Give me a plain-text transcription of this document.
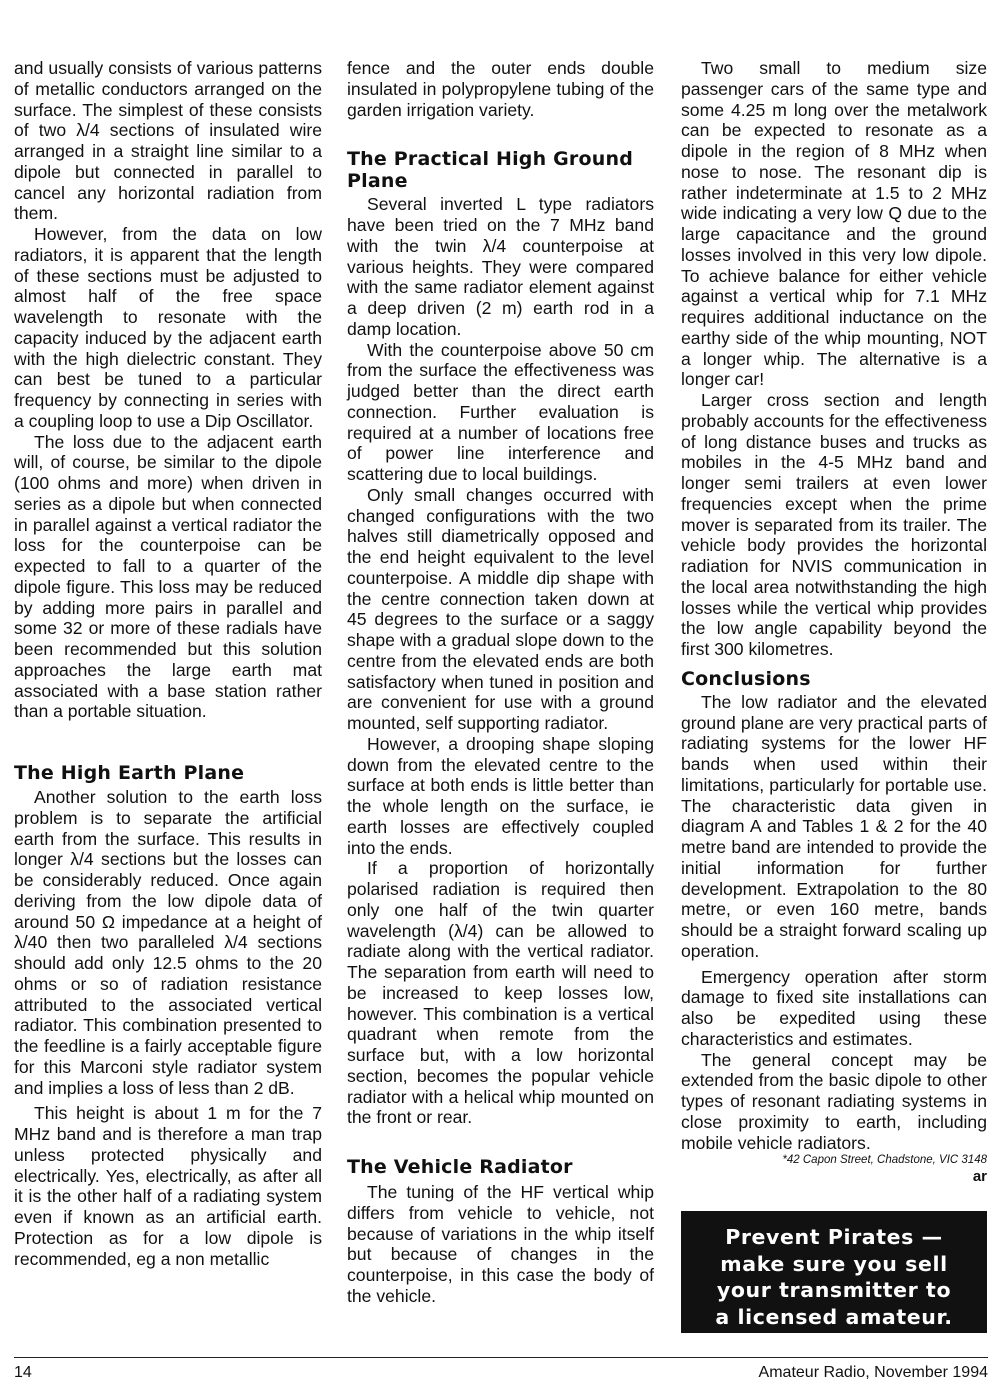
and usually consists of various patterns of metallic conductors arranged on the surface. The simplest of these consists of two λ/4 sections of insulated wire arranged in a straight line similar to a dipole but connected in parallel to cancel any horizontal radiation from them.

However, from the data on low radiators, it is apparent that the length of these sections must be adjusted to almost half of the free space wavelength to resonate with the capacity induced by the adjacent earth with the high dielectric constant. They can best be tuned to a particular frequency by connecting in series with a coupling loop to use a Dip Oscillator.

The loss due to the adjacent earth will, of course, be similar to the dipole (100 ohms and more) when driven in series as a dipole but when connected in parallel against a vertical radiator the loss for the counterpoise can be expected to fall to a quarter of the dipole figure. This loss may be reduced by adding more pairs in parallel and some 32 or more of these radials have been recommended but this solution approaches the large earth mat associated with a base station rather than a portable situation.

The High Earth Plane

Another solution to the earth loss problem is to separate the artificial earth from the surface. This results in longer λ/4 sections but the losses can be considerably reduced. Once again deriving from the low dipole data of around 50 Ω impedance at a height of λ/40 then two paralleled λ/4 sections should add only 12.5 ohms to the 20 ohms or so of radiation resistance attributed to the associated vertical radiator. This combination presented to the feedline is a fairly acceptable figure for this Marconi style radiator system and implies a loss of less than 2 dB.

This height is about 1 m for the 7 MHz band and is therefore a man trap unless protected physically and electrically. Yes, electrically, as after all it is the other half of a radiating system even if known as an artificial earth. Protection as for a low dipole is recommended, eg a non metallic

fence and the outer ends double insulated in polypropylene tubing of the garden irrigation variety.

The Practical High Ground Plane

Several inverted L type radiators have been tried on the 7 MHz band with the twin λ/4 counterpoise at various heights. They were compared with the same radiator element against a deep driven (2 m) earth rod in a damp location.

With the counterpoise above 50 cm from the surface the effectiveness was judged better than the direct earth connection. Further evaluation is required at a number of locations free of power line interference and scattering due to local buildings.

Only small changes occurred with changed configurations with the two halves still diametrically opposed and the end height equivalent to the level counterpoise. A middle dip shape with the centre connection taken down at 45 degrees to the surface or a saggy shape with a gradual slope down to the centre from the elevated ends are both satisfactory when tuned in position and are convenient for use with a ground mounted, self supporting radiator.

However, a drooping shape sloping down from the elevated centre to the surface at both ends is little better than the whole length on the surface, ie earth losses are effectively coupled into the ends.

If a proportion of horizontally polarised radiation is required then only one half of the twin quarter wavelength (λ/4) can be allowed to radiate along with the vertical radiator. The separation from earth will need to be increased to keep losses low, however. This combination is a vertical quadrant when remote from the surface but, with a low horizontal section, becomes the popular vehicle radiator with a helical whip mounted on the front or rear.

The Vehicle Radiator

The tuning of the HF vertical whip differs from vehicle to vehicle, not because of variations in the whip itself but because of changes in the counterpoise, in this case the body of the vehicle.

Two small to medium size passenger cars of the same type and some 4.25 m long over the metalwork can be expected to resonate as a dipole in the region of 8 MHz when nose to nose. The resonant dip is rather indeterminate at 1.5 to 2 MHz wide indicating a very low Q due to the large capacitance and the ground losses involved in this very low dipole. To achieve balance for either vehicle against a vertical whip for 7.1 MHz requires additional inductance on the earthy side of the whip mounting, NOT a longer whip. The alternative is a longer car!

Larger cross section and length probably accounts for the effectiveness of long distance buses and trucks as mobiles in the 4-5 MHz band and longer semi trailers at even lower frequencies except when the prime mover is separated from its trailer. The vehicle body provides the horizontal radiation for NVIS communication in the local area notwithstanding the high losses while the vertical whip provides the low angle capability beyond the first 300 kilometres.

Conclusions

The low radiator and the elevated ground plane are very practical parts of radiating systems for the lower HF bands when used within their limitations, particularly for portable use. The characteristic data given in diagram A and Tables 1 & 2 for the 40 metre band are intended to provide the initial information for further development. Extrapolation to the 80 metre, or even 160 metre, bands should be a straight forward scaling up operation.

Emergency operation after storm damage to fixed site installations can also be expedited using these characteristics and estimates.

The general concept may be extended from the basic dipole to other types of resonant radiating systems in close proximity to earth, including mobile vehicle radiators.

*42 Capon Street, Chadstone, VIC 3148
ar
Prevent Pirates —
make sure you sell
your transmitter to
a licensed amateur.
14	Amateur Radio, November 1994
